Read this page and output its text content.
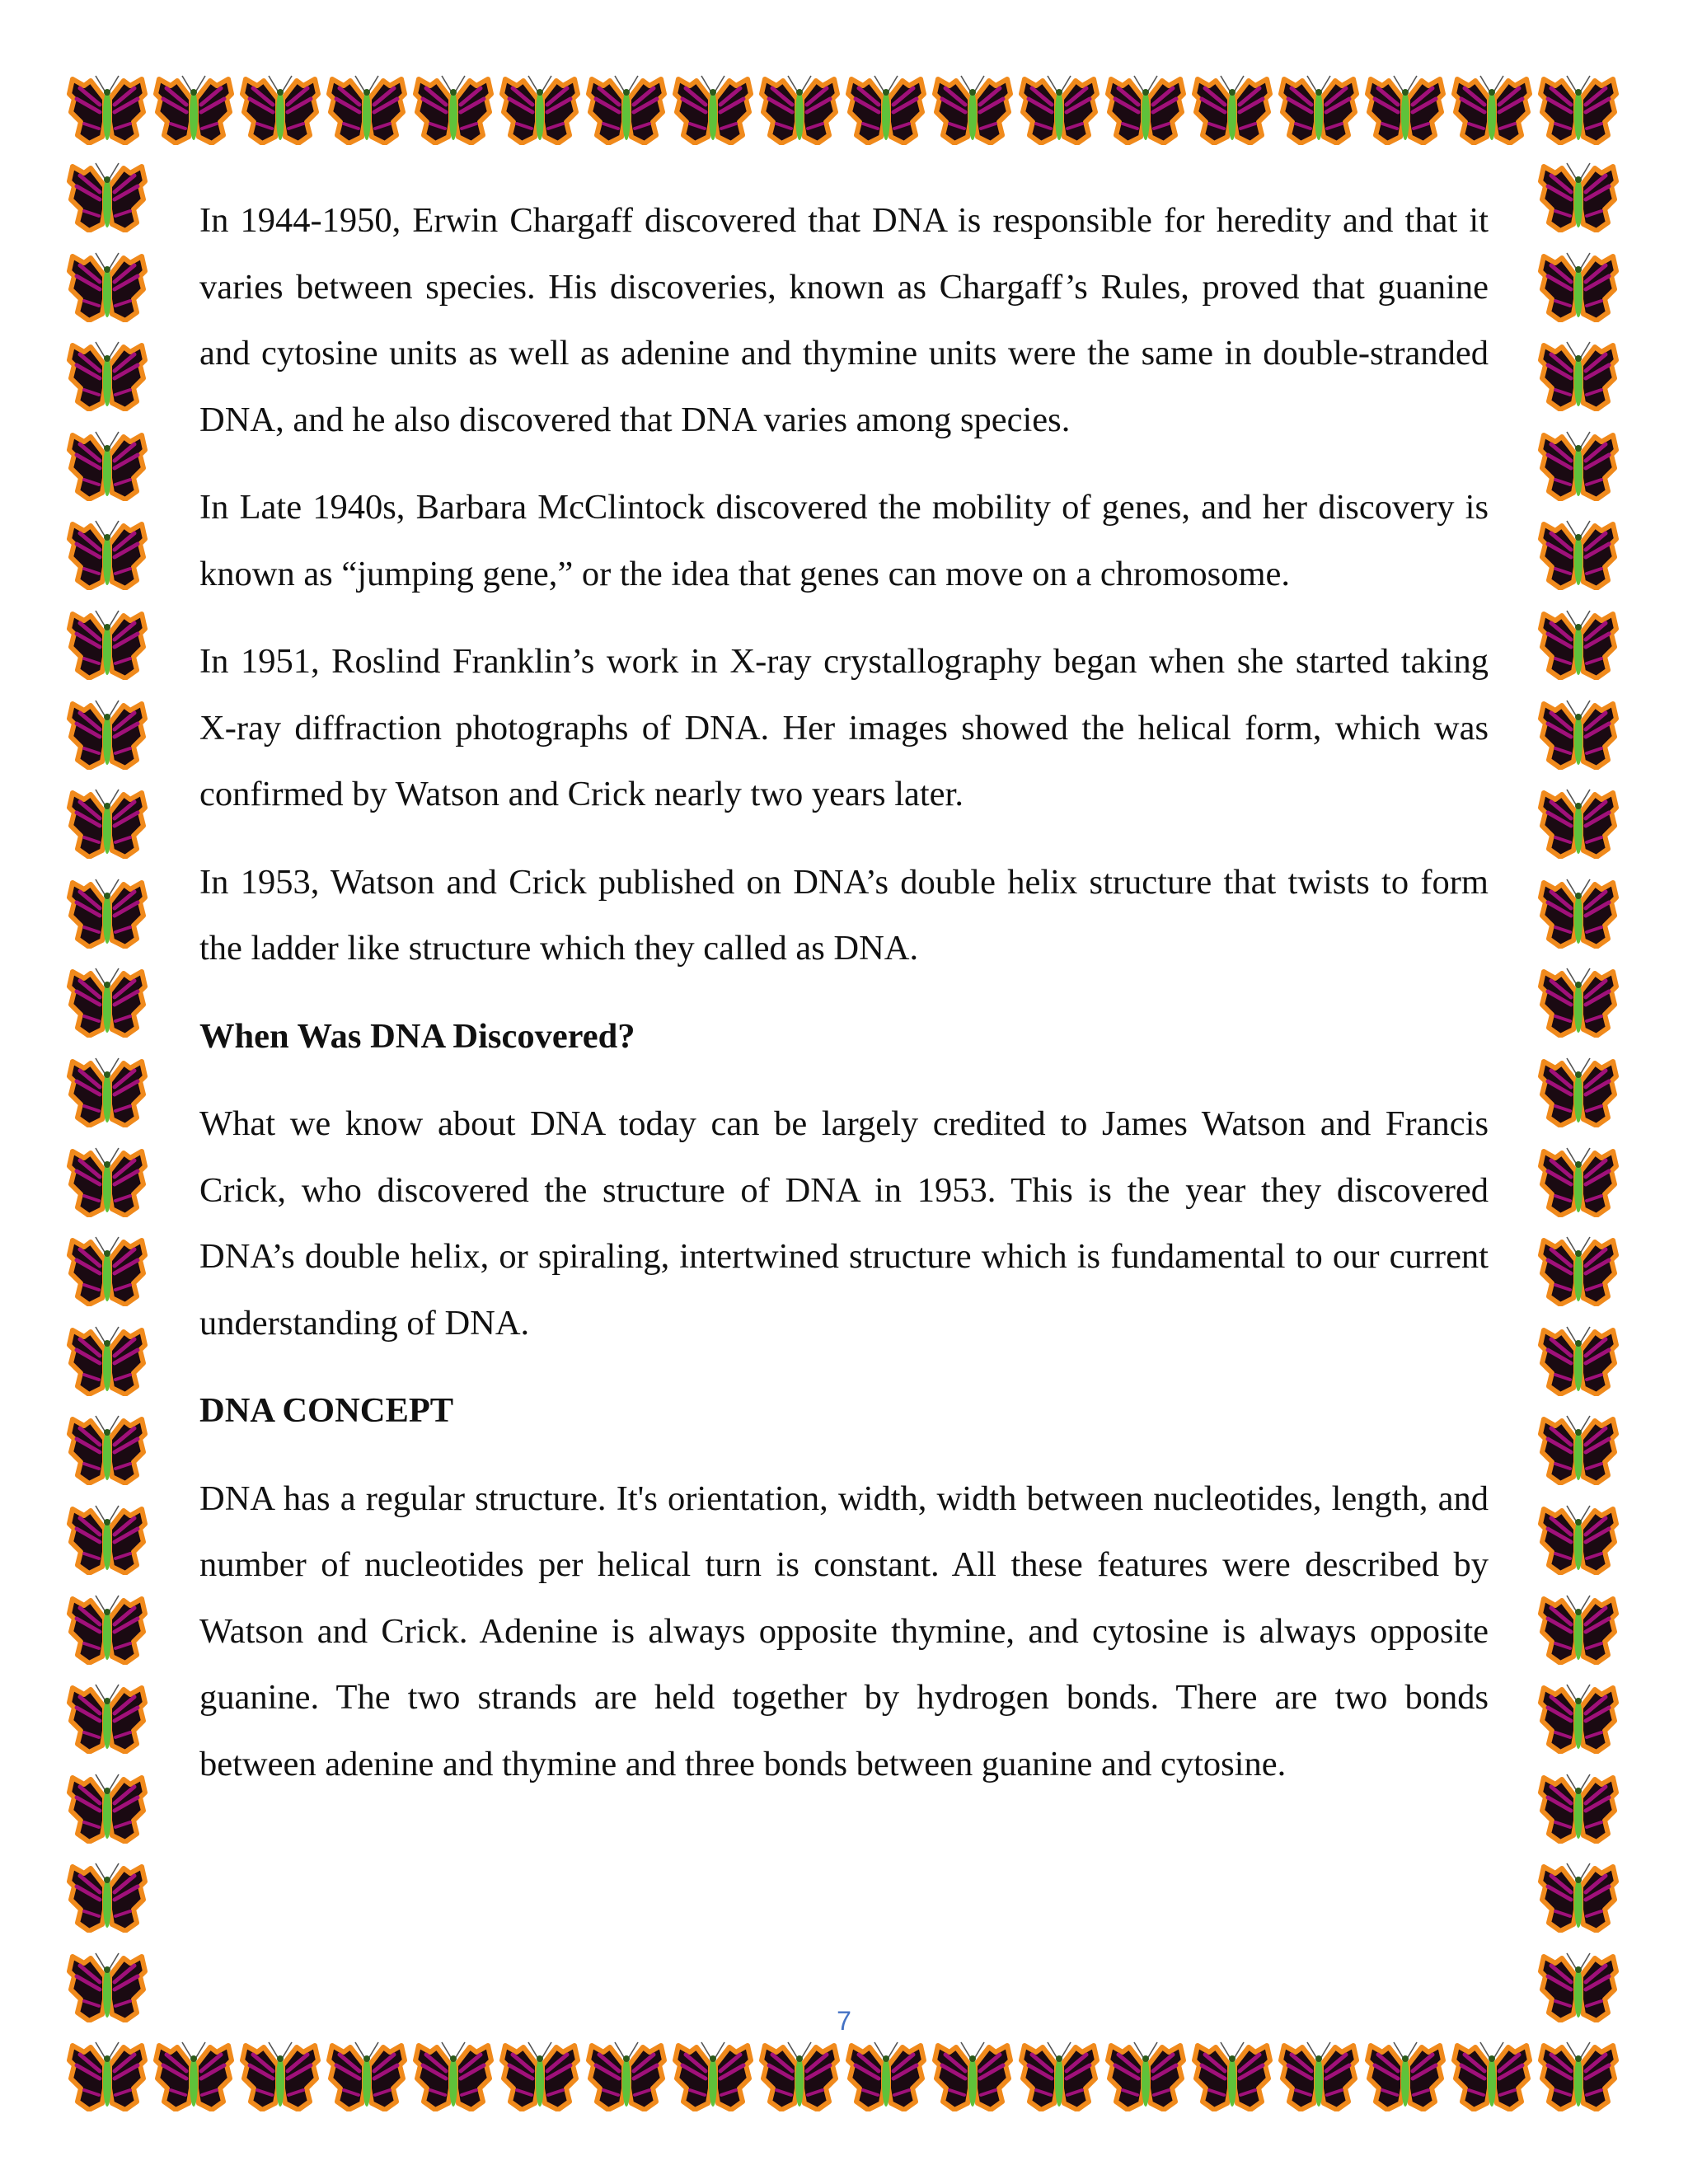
In 1944-1950, Erwin Chargaff discovered that DNA is responsible for heredity and that it varies between species. His discoveries, known as Chargaff’s Rules, proved that guanine and cytosine units as well as adenine and thymine units were the same in double-stranded DNA, and he also discovered that DNA varies among species.

In Late 1940s, Barbara McClintock discovered the mobility of genes, and her discovery is known as “jumping gene,” or the idea that genes can move on a chromosome.

In 1951, Roslind Franklin’s work in X-ray crystallography began when she started taking X-ray diffraction photographs of DNA. Her images showed the helical form, which was confirmed by Watson and Crick nearly two years later.

In 1953, Watson and Crick published on DNA’s double helix structure that twists to form the ladder like structure which they called as DNA.

When Was DNA Discovered?

What we know about DNA today can be largely credited to James Watson and Francis Crick, who discovered the structure of DNA in 1953. This is the year they discovered DNA’s double helix, or spiraling, intertwined structure which is fundamental to our current understanding of DNA.

DNA CONCEPT

DNA has a regular structure. It's orientation, width, width between nucleotides, length, and number of nucleotides per helical turn is constant. All these features were described by Watson and Crick. Adenine is always opposite thymine, and cytosine is always opposite guanine. The two strands are held together by hydrogen bonds. There are two bonds between adenine and thymine and three bonds between guanine and cytosine.

7
